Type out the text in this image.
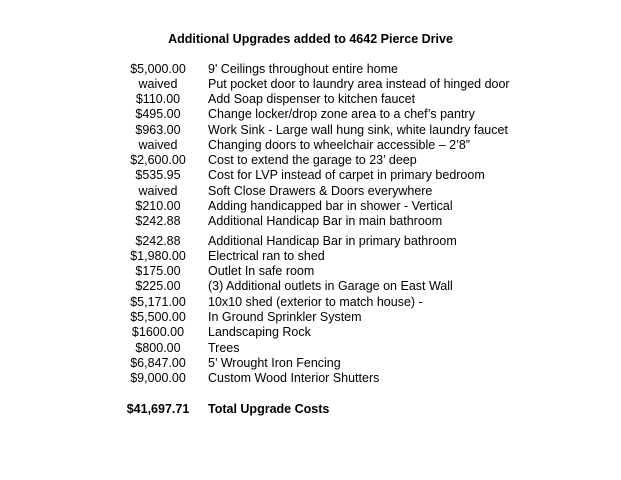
Additional Upgrades added to 4642 Pierce Drive
$5,000.00	9' Ceilings throughout entire home
waived	Put pocket door to laundry area instead of hinged door
$110.00	Add Soap dispenser to kitchen faucet
$495.00	Change locker/drop zone area to a chef’s pantry
$963.00	Work Sink - Large wall hung sink, white laundry faucet
waived	Changing doors to wheelchair accessible – 2’8”
$2,600.00	Cost to extend the garage to 23’ deep
$535.95	Cost for LVP instead of carpet in primary bedroom
waived	Soft Close Drawers & Doors everywhere
$210.00	Adding handicapped bar in shower - Vertical
$242.88	Additional Handicap Bar in main bathroom
$242.88	Additional Handicap Bar in primary bathroom
$1,980.00	Electrical ran to shed
$175.00	Outlet In safe room
$225.00	(3) Additional outlets in Garage on East Wall
$5,171.00	10x10 shed (exterior to match house) -
$5,500.00	In Ground Sprinkler System
$1600.00	Landscaping Rock
$800.00	Trees
$6,847.00	5’ Wrought Iron Fencing
$9,000.00	Custom Wood Interior Shutters
$41,697.71	Total Upgrade Costs
